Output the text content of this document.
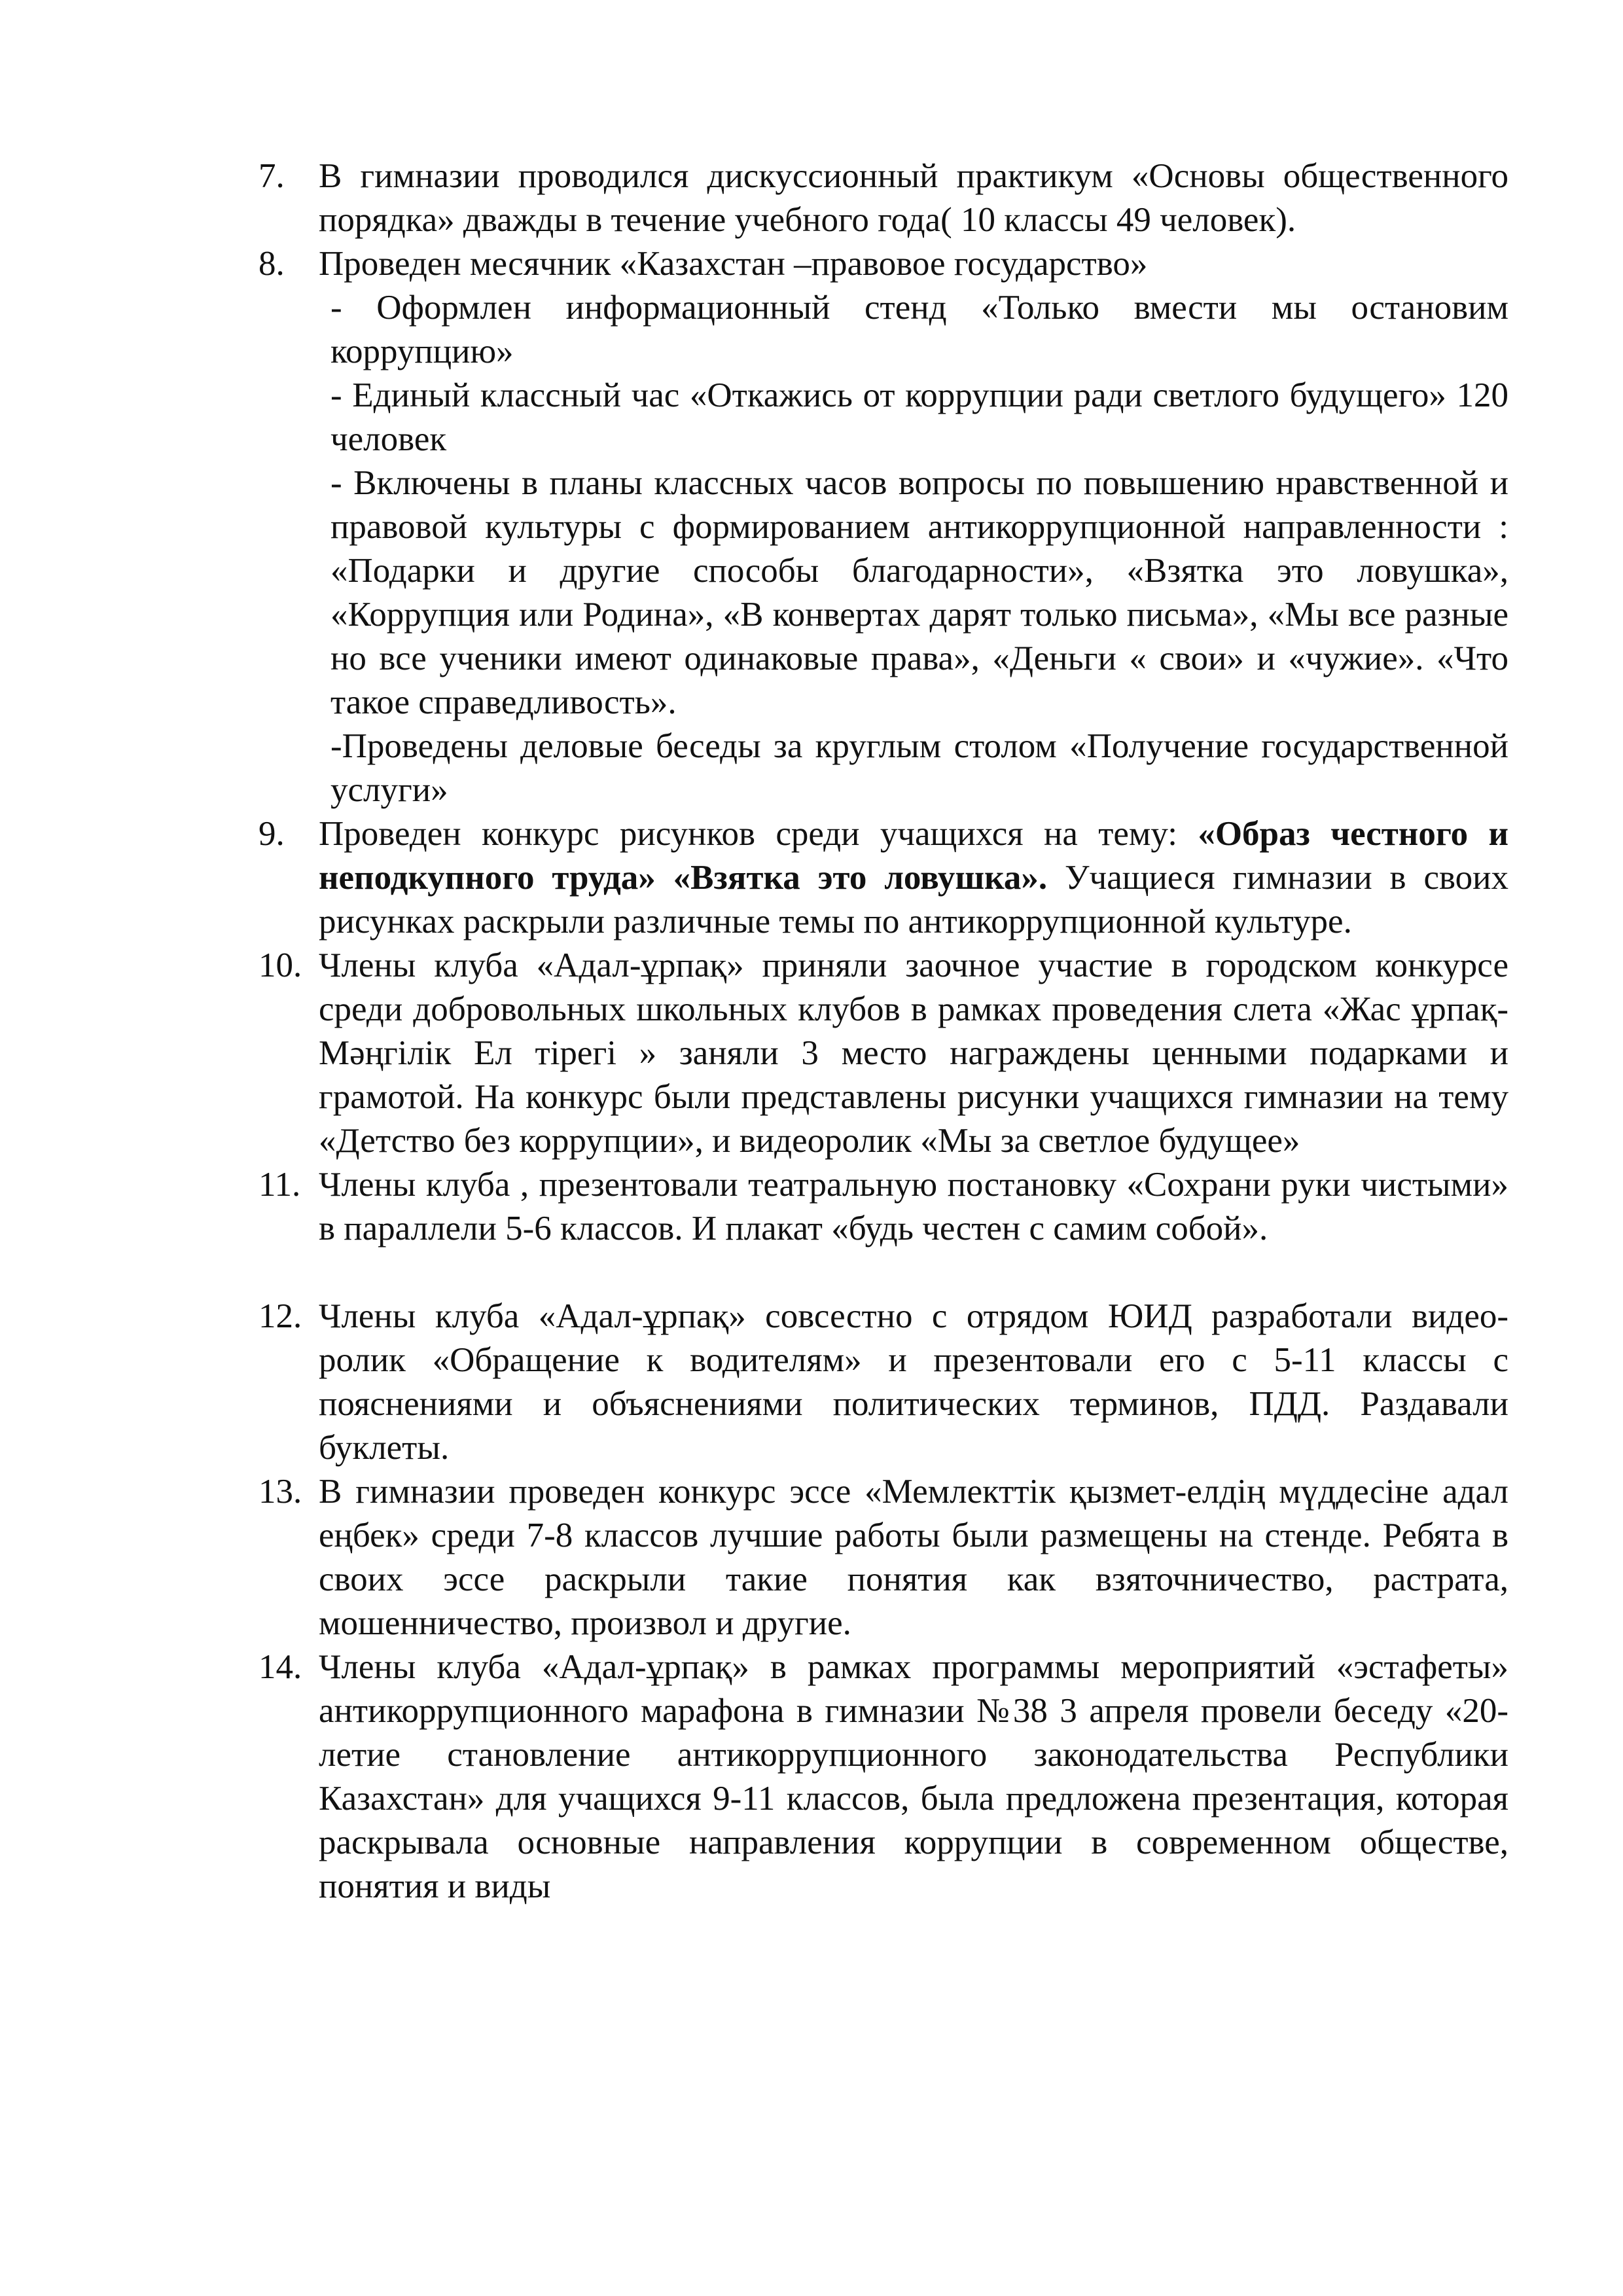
7. В гимназии проводился дискуссионный практикум «Основы общественного порядка» дважды в течение учебного года( 10 классы 49 человек).
8. Проведен месячник «Казахстан –правовое государство»
- Оформлен информационный стенд «Только вмести мы остановим коррупцию»
- Единый классный час «Откажись от коррупции ради светлого будущего» 120 человек
- Включены в планы классных часов вопросы по повышению нравственной и правовой культуры с формированием антикоррупционной направленности : «Подарки и другие способы благодарности», «Взятка это ловушка», «Коррупция или Родина», «В конвертах дарят только письма», «Мы все разные но все ученики имеют одинаковые права», «Деньги « свои» и «чужие». «Что такое справедливость».
-Проведены деловые беседы за круглым столом «Получение государственной услуги»
9. Проведен конкурс рисунков среди учащихся на тему: «Образ честного и неподкупного труда» «Взятка это ловушка». Учащиеся гимназии в своих рисунках раскрыли различные темы по антикоррупционной культуре.
10. Члены клуба «Адал-ұрпақ» приняли заочное участие в городском конкурсе среди добровольных школьных клубов в рамках проведения слета «Жас ұрпақ- Мәңгілік Ел тірегі » заняли 3 место награждены ценными подарками и грамотой. На конкурс были представлены рисунки учащихся гимназии на тему «Детство без коррупции», и видеоролик «Мы за светлое будущее»
11. Члены клуба , презентовали театральную постановку «Сохрани руки чистыми» в параллели 5-6 классов. И плакат «будь честен с самим собой».
12. Члены клуба «Адал-ұрпақ» совсестно с отрядом ЮИД разработали видео-ролик «Обращение к водителям» и презентовали его с 5-11 классы с пояснениями и объяснениями политических терминов, ПДД. Раздавали буклеты.
13. В гимназии проведен конкурс эссе «Мемлекттік қызмет-елдің мүддесіне адал еңбек» среди 7-8 классов лучшие работы были размещены на стенде. Ребята в своих эссе раскрыли такие понятия как взяточничество, растрата, мошенничество, произвол и другие.
14. Члены клуба «Адал-ұрпақ» в рамках программы мероприятий «эстафеты» антикоррупционного марафона в гимназии №38 3 апреля провели беседу «20-летие становление антикоррупционного законодательства Республики Казахстан» для учащихся 9-11 классов, была предложена презентация, которая раскрывала основные направления коррупции в современном обществе, понятия и виды
